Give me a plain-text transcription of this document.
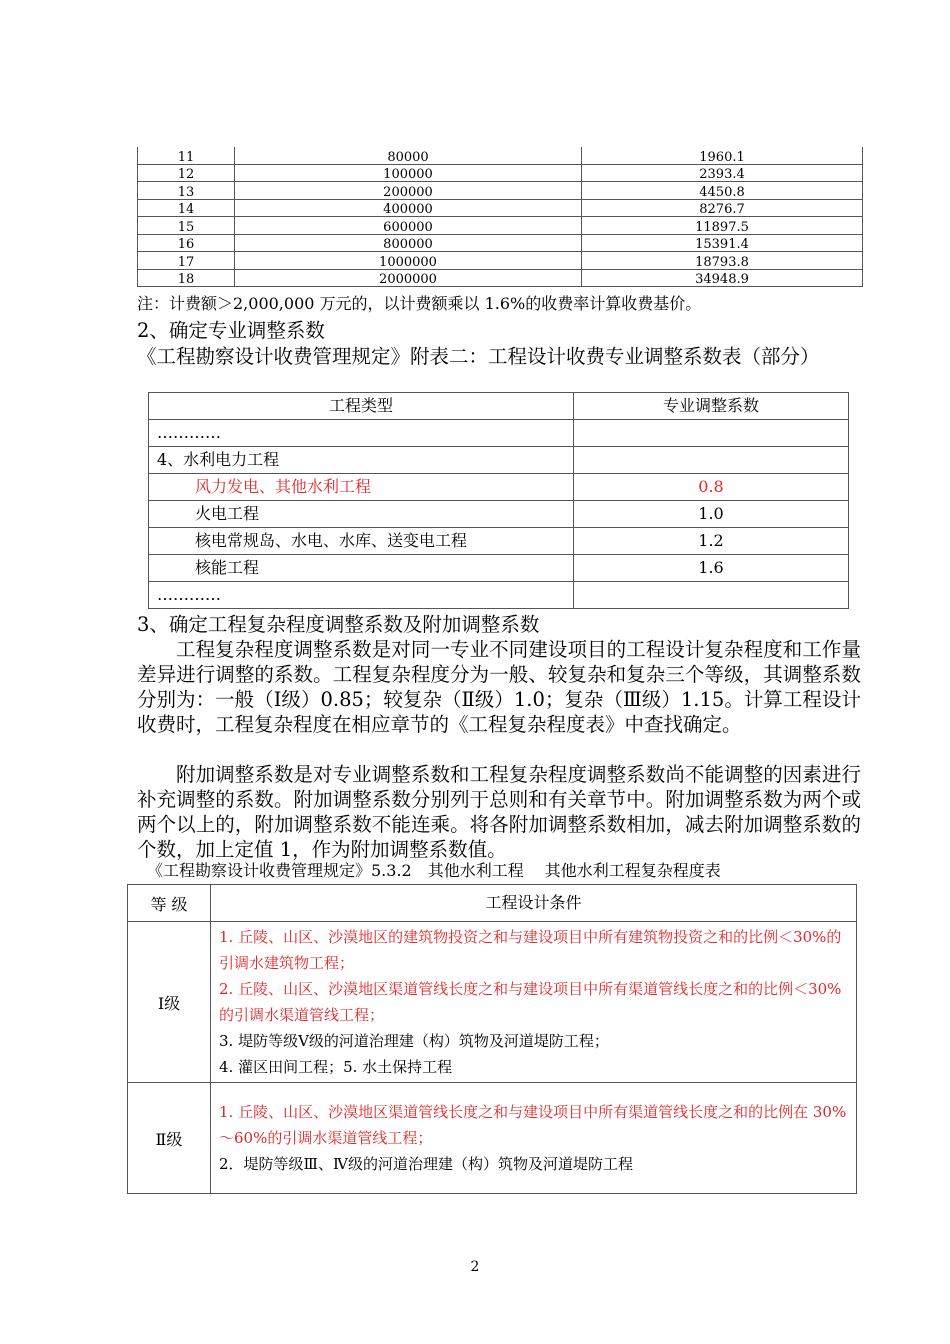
11	80000	1960.1
12	100000	2393.4
13	200000	4450.8
14	400000	8276.7
15	600000	11897.5
16	800000	15391.4
17	1000000	18793.8
18	2000000	34948.9
注：计费额＞2,000,000 万元的，以计费额乘以 1.6%的收费率计算收费基价。
2、确定专业调整系数
《工程勘察设计收费管理规定》附表二：工程设计收费专业调整系数表（部分）
工程类型	专业调整系数
…………	
4、水利电力工程	
风力发电、其他水利工程	0.8
火电工程	1.0
核电常规岛、水电、水库、送变电工程	1.2
核能工程	1.6
…………	
3、确定工程复杂程度调整系数及附加调整系数
工程复杂程度调整系数是对同一专业不同建设项目的工程设计复杂程度和工作量差异进行调整的系数。工程复杂程度分为一般、较复杂和复杂三个等级，其调整系数分别为：一般（Ⅰ级）0.85；较复杂（Ⅱ级）1.0；复杂（Ⅲ级）1.15。计算工程设计收费时，工程复杂程度在相应章节的《工程复杂程度表》中查找确定。
附加调整系数是对专业调整系数和工程复杂程度调整系数尚不能调整的因素进行补充调整的系数。附加调整系数分别列于总则和有关章节中。附加调整系数为两个或两个以上的，附加调整系数不能连乘。将各附加调整系数相加，减去附加调整系数的个数，加上定值 1，作为附加调整系数值。
《工程勘察设计收费管理规定》5.3.2　其他水利工程　 其他水利工程复杂程度表
等 级	工程设计条件
Ⅰ级	1. 丘陵、山区、沙漠地区的建筑物投资之和与建设项目中所有建筑物投资之和的比例＜30%的 引调水建筑物工程；
2. 丘陵、山区、沙漠地区渠道管线长度之和与建设项目中所有渠道管线长度之和的比例＜30% 的引调水渠道管线工程；
3. 堤防等级Ⅴ级的河道治理建（构）筑物及河道堤防工程；
4. 灌区田间工程；5. 水土保持工程

Ⅱ级	1. 丘陵、山区、沙漠地区渠道管线长度之和与建设项目中所有渠道管线长度之和的比例在 30%～60%的引调水渠道管线工程；
2．堤防等级Ⅲ、Ⅳ级的河道治理建（构）筑物及河道堤防工程
2
